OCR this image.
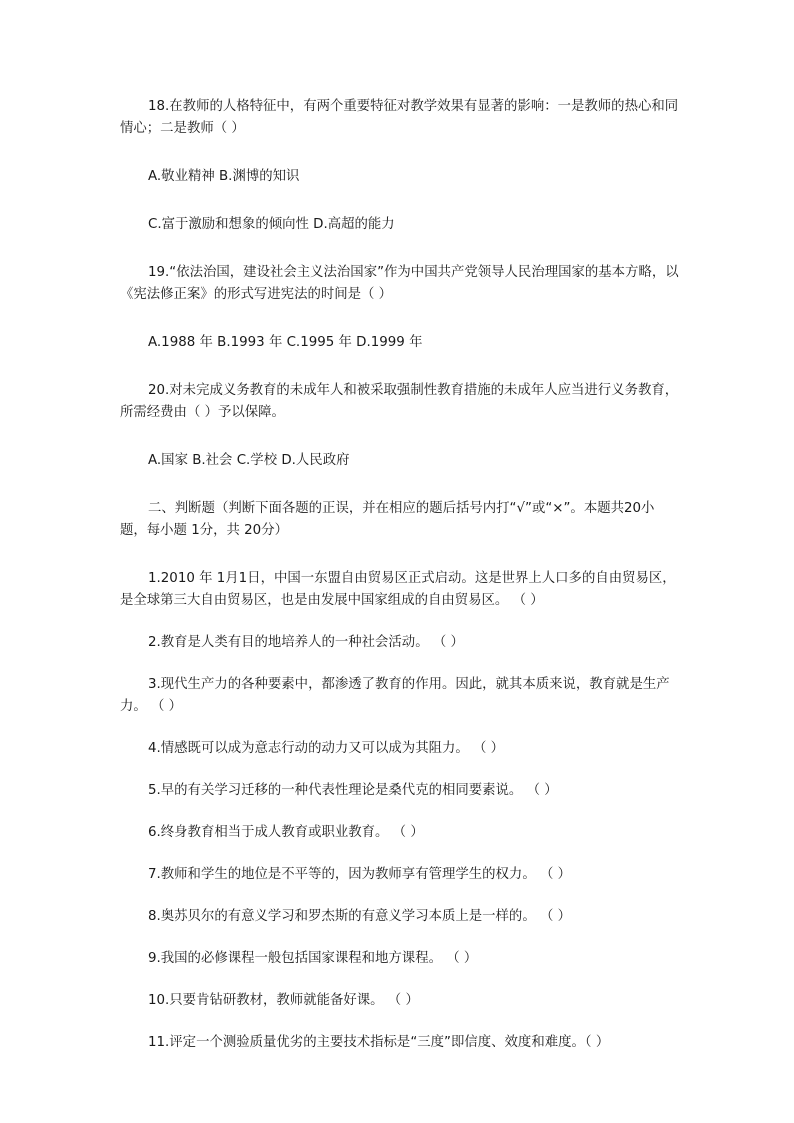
18.在教师的人格特征中，有两个重要特征对教学效果有显著的影响：一是教师的热心和同情心；二是教师（ ）

A.敬业精神 B.渊博的知识

C.富于激励和想象的倾向性 D.高超的能力

19.“依法治国，建设社会主义法治国家”作为中国共产党领导人民治理国家的基本方略，以《宪法修正案》的形式写进宪法的时间是（ ）

A.1988 年 B.1993 年 C.1995 年 D.1999 年

20.对未完成义务教育的未成年人和被采取强制性教育措施的未成年人应当进行义务教育，所需经费由（ ）予以保障。

A.国家 B.社会 C.学校 D.人民政府

二、判断题（判断下面各题的正误，并在相应的题后括号内打“√”或“×”。本题共20小题，每小题 1分，共 20分）

1.2010 年 1月1日，中国一东盟自由贸易区正式启动。这是世界上人口多的自由贸易区，是全球第三大自由贸易区，也是由发展中国家组成的自由贸易区。 （ ）

2.教育是人类有目的地培养人的一种社会活动。 （ ）

3.现代生产力的各种要素中，都渗透了教育的作用。因此，就其本质来说，教育就是生产力。 （ ）

4.情感既可以成为意志行动的动力又可以成为其阻力。 （ ）

5.早的有关学习迁移的一种代表性理论是桑代克的相同要素说。 （ ）

6.终身教育相当于成人教育或职业教育。 （ ）

7.教师和学生的地位是不平等的，因为教师享有管理学生的权力。 （ ）

8.奥苏贝尔的有意义学习和罗杰斯的有意义学习本质上是一样的。 （ ）

9.我国的必修课程一般包括国家课程和地方课程。 （ ）

10.只要肯钻研教材，教师就能备好课。 （ ）

11.评定一个测验质量优劣的主要技术指标是“三度”即信度、效度和难度。（ ）
